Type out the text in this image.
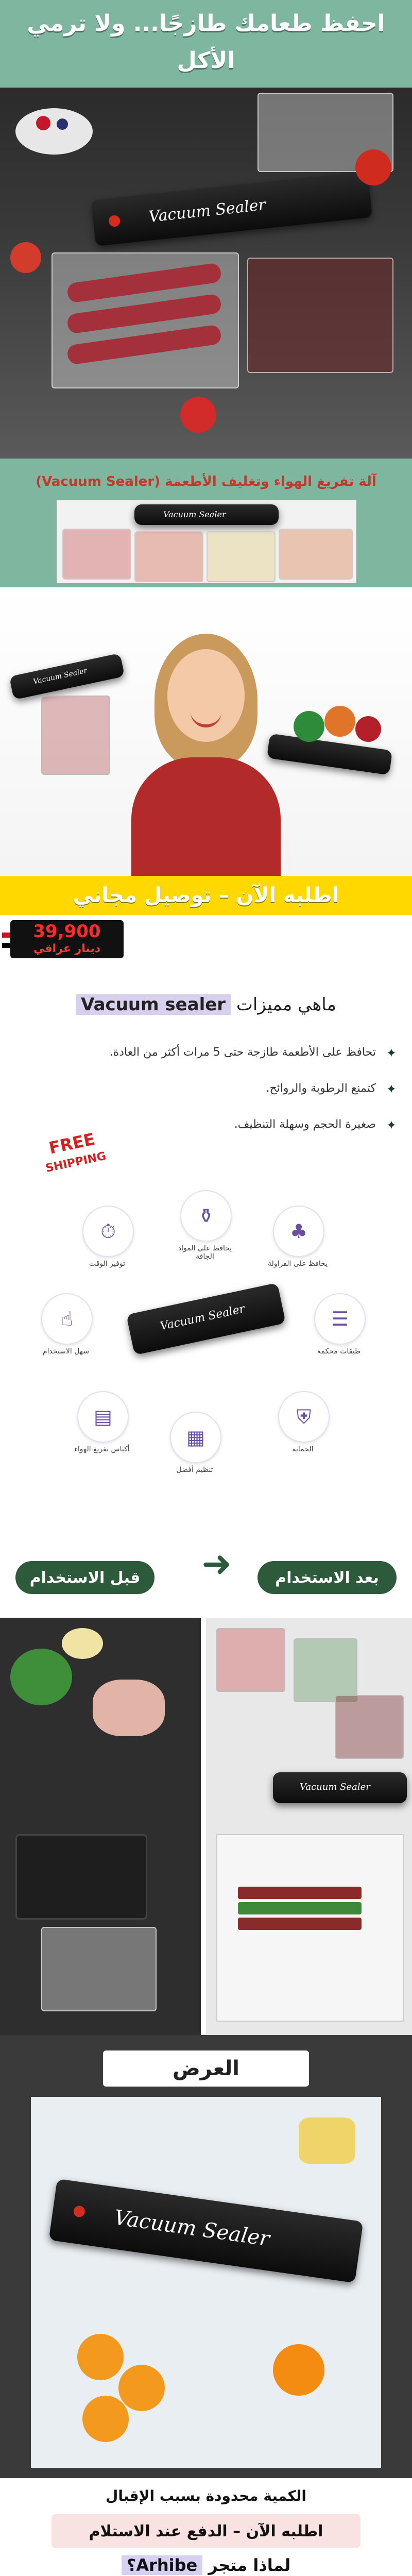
احفظ طعامك طازجًا... ولا ترمي الأكل
Vacuum Sealer
آلة تفريغ الهواء وتغليف الأطعمة (Vacuum Sealer)
Vacuum Sealer
Vacuum Sealer
اطلبه الآن – توصيل مجاني
39,900
دينار عراقي
ماهي مميزات Vacuum sealer
✦
تحافظ على الأطعمة طازجة حتى 5 مرات أكثر من العادة.
✦
كتمنع الرطوبة والروائح.
✦
صغيرة الحجم وسهلة التنظيف.
FREE
SHIPPING
⏱
توفير الوقت
⚱
يحافظ على المواد الجافة
♣
يحافظ على الفراولة
☝
سهل الاستخدام
☰
طبقات محكمة
▤
أكياس تفريغ الهواء
▦
تنظيم أفضل
⛨
الحماية
Vacuum Sealer
قبل الاستخدام	➜	بعد الاستخدام
Vacuum Sealer
العرض
Vacuum Sealer
الكمية محدودة بسبب الإقبال
اطلبه الآن – الدفع عند الاستلام
لماذا متجر Arhibe؟
